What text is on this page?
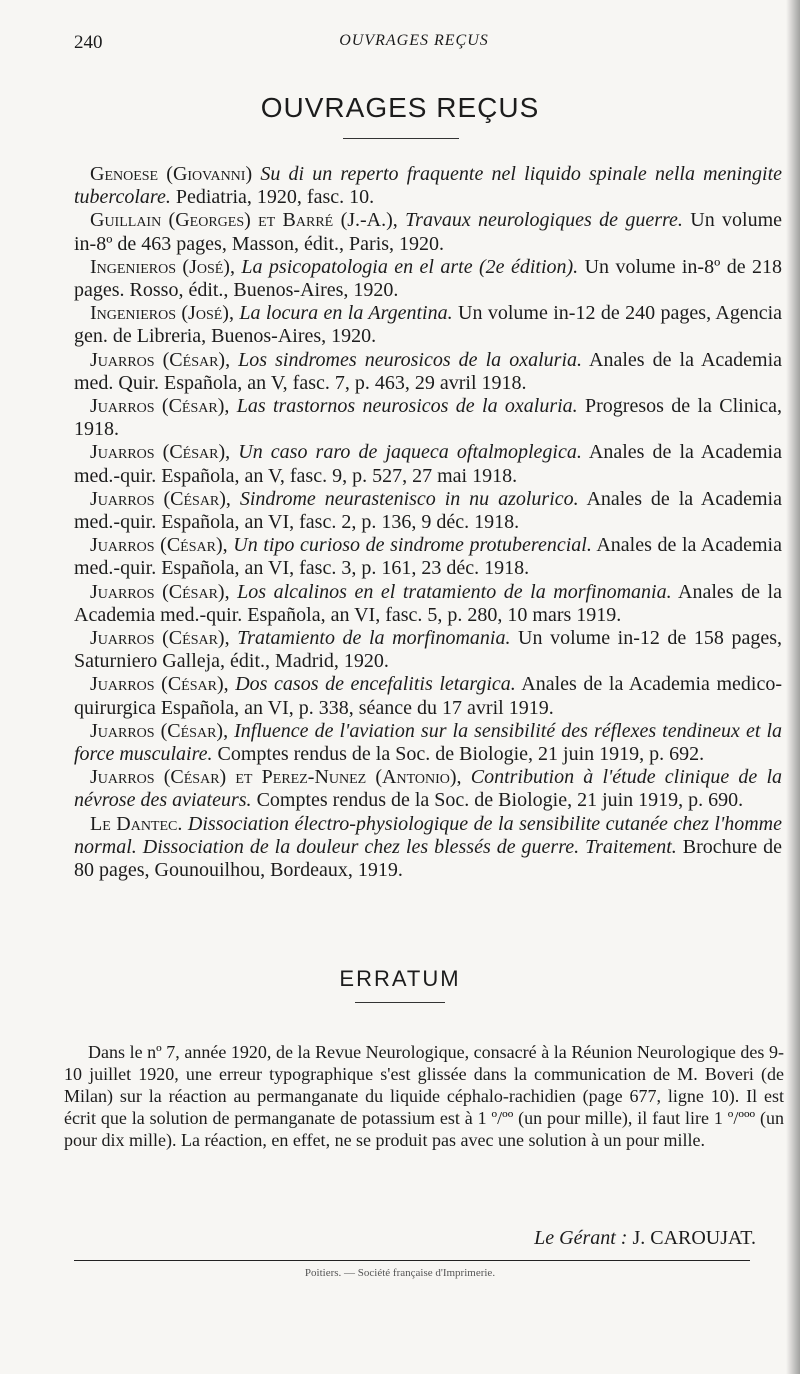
240	OUVRAGES REÇUS
OUVRAGES REÇUS

Genoese (Giovanni) Su di un reperto fraquente nel liquido spinale nella meningite tubercolare. Pediatria, 1920, fasc. 10.

Guillain (Georges) et Barré (J.-A.), Travaux neurologiques de guerre. Un volume in-8º de 463 pages, Masson, édit., Paris, 1920.

Ingenieros (José), La psicopatologia en el arte (2e édition). Un volume in-8º de 218 pages. Rosso, édit., Buenos-Aires, 1920.

Ingenieros (José), La locura en la Argentina. Un volume in-12 de 240 pages, Agencia gen. de Libreria, Buenos-Aires, 1920.

Juarros (César), Los sindromes neurosicos de la oxaluria. Anales de la Academia med. Quir. Española, an V, fasc. 7, p. 463, 29 avril 1918.

Juarros (César), Las trastornos neurosicos de la oxaluria. Progresos de la Clinica, 1918.

Juarros (César), Un caso raro de jaqueca oftalmoplegica. Anales de la Academia med.-quir. Española, an V, fasc. 9, p. 527, 27 mai 1918.

Juarros (César), Sindrome neurastenisco in nu azolurico. Anales de la Academia med.-quir. Española, an VI, fasc. 2, p. 136, 9 déc. 1918.

Juarros (César), Un tipo curioso de sindrome protuberencial. Anales de la Academia med.-quir. Española, an VI, fasc. 3, p. 161, 23 déc. 1918.

Juarros (César), Los alcalinos en el tratamiento de la morfinomania. Anales de la Academia med.-quir. Española, an VI, fasc. 5, p. 280, 10 mars 1919.

Juarros (César), Tratamiento de la morfinomania. Un volume in-12 de 158 pages, Saturniero Galleja, édit., Madrid, 1920.

Juarros (César), Dos casos de encefalitis letargica. Anales de la Academia medico-quirurgica Española, an VI, p. 338, séance du 17 avril 1919.

Juarros (César), Influence de l'aviation sur la sensibilité des réflexes tendineux et la force musculaire. Comptes rendus de la Soc. de Biologie, 21 juin 1919, p. 692.

Juarros (César) et Perez-Nunez (Antonio), Contribution à l'étude clinique de la névrose des aviateurs. Comptes rendus de la Soc. de Biologie, 21 juin 1919, p. 690.

Le Dantec. Dissociation électro-physiologique de la sensibilite cutanée chez l'homme normal. Dissociation de la douleur chez les blessés de guerre. Traitement. Brochure de 80 pages, Gounouilhou, Bordeaux, 1919.

ERRATUM

Dans le nº 7, année 1920, de la Revue Neurologique, consacré à la Réunion Neurologique des 9-10 juillet 1920, une erreur typographique s'est glissée dans la communication de M. Boveri (de Milan) sur la réaction au permanganate du liquide céphalo-rachidien (page 677, ligne 10). Il est écrit que la solution de permanganate de potassium est à 1 º/ºº (un pour mille), il faut lire 1 º/ººº (un pour dix mille). La réaction, en effet, ne se produit pas avec une solution à un pour mille.

Le Gérant : J. CAROUJAT.
Poitiers. — Société française d'Imprimerie.
